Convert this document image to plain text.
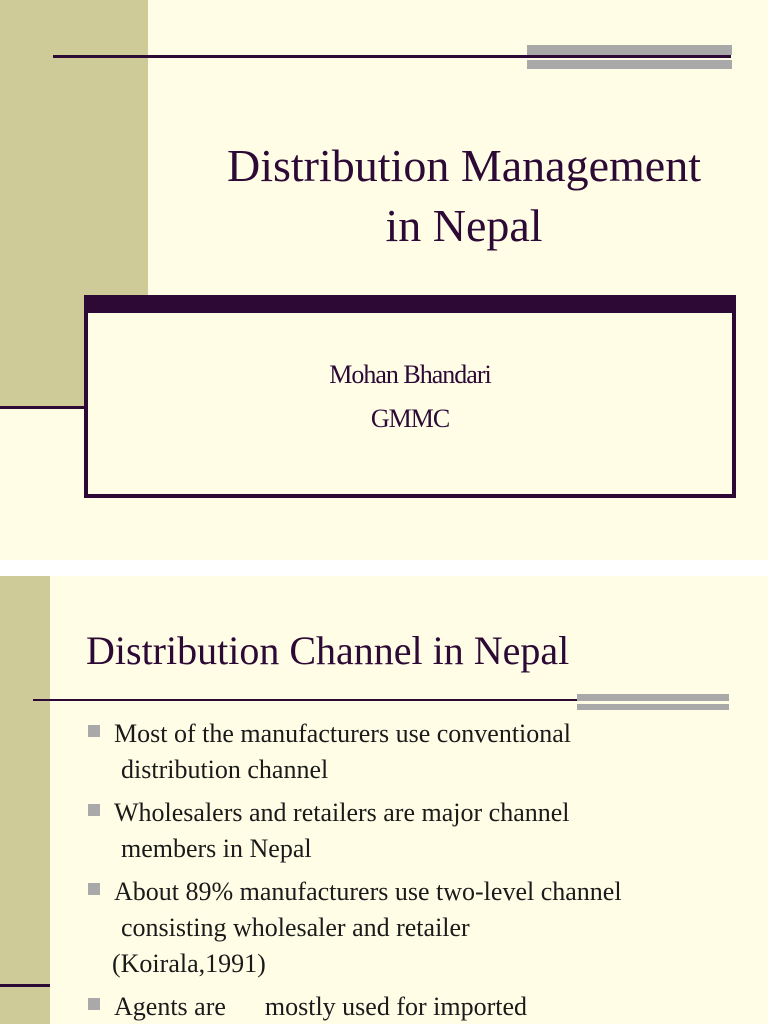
Distribution Management
in Nepal
Mohan Bhandari
GMMC
Distribution Channel in Nepal
Most of the manufacturers use conventional
distribution channel
Wholesalers and retailers are major channel
members in Nepal
About 89% manufacturers use two-level channel
consisting wholesaler and retailer
(Koirala,1991)
Agents are      mostly used for imported
